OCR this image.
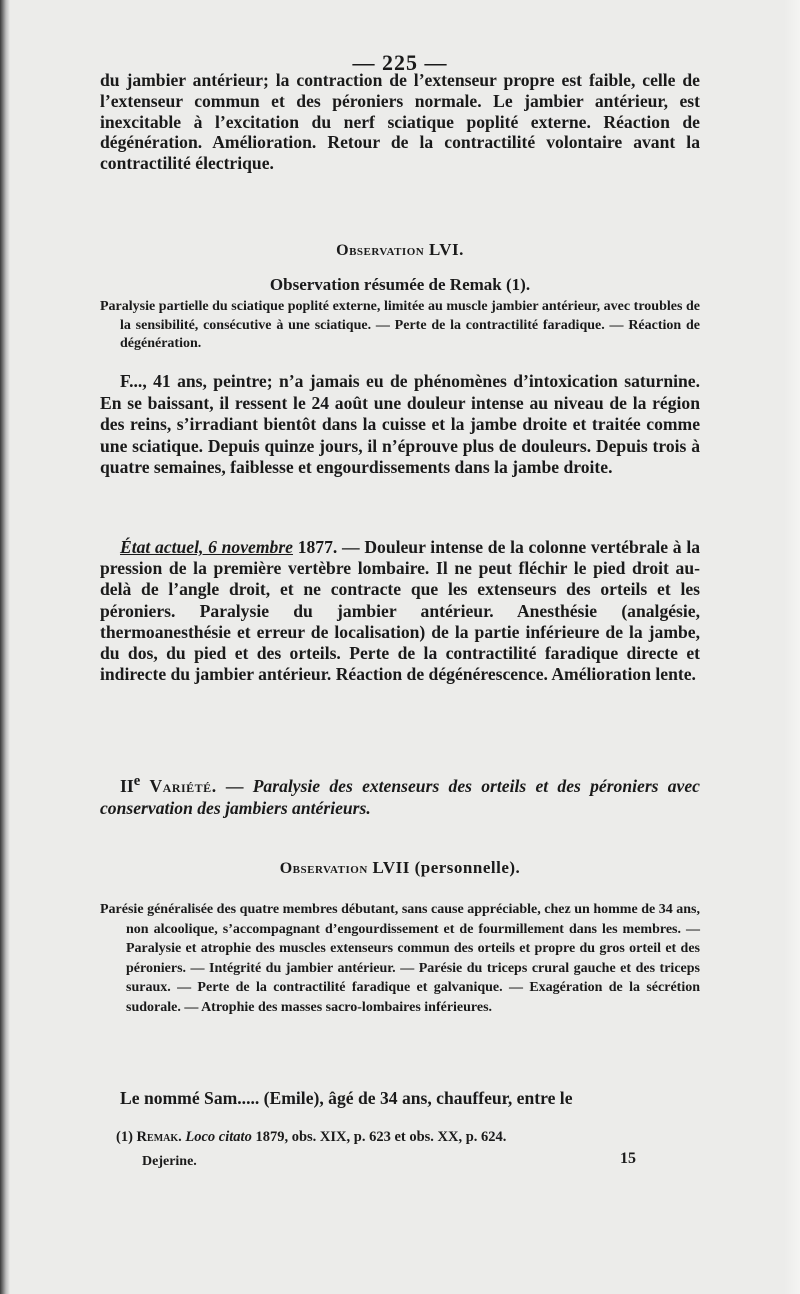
— 225 —

du jambier antérieur; la contraction de l’extenseur propre est faible, celle de l’extenseur commun et des péroniers normale. Le jambier antérieur, est inexcitable à l’excitation du nerf sciatique poplité externe. Réaction de dégénération. Amélioration. Retour de la contractilité volontaire avant la contractilité électrique.

Observation LVI.
Observation résumée de Remak (1).

Paralysie partielle du sciatique poplité externe, limitée au muscle jambier antérieur, avec troubles de la sensibilité, consécutive à une sciatique. — Perte de la contractilité faradique. — Réaction de dégénération.

F..., 41 ans, peintre; n’a jamais eu de phénomènes d’intoxication saturnine. En se baissant, il ressent le 24 août une douleur intense au niveau de la région des reins, s’irradiant bientôt dans la cuisse et la jambe droite et traitée comme une sciatique. Depuis quinze jours, il n’éprouve plus de douleurs. Depuis trois à quatre semaines, faiblesse et engourdissements dans la jambe droite.

État actuel, 6 novembre 1877. — Douleur intense de la colonne vertébrale à la pression de la première vertèbre lombaire. Il ne peut fléchir le pied droit au-delà de l’angle droit, et ne contracte que les extenseurs des orteils et les péroniers. Paralysie du jambier antérieur. Anesthésie (analgésie, thermoanesthésie et erreur de localisation) de la partie inférieure de la jambe, du dos, du pied et des orteils. Perte de la contractilité faradique directe et indirecte du jambier antérieur. Réaction de dégénérescence. Amélioration lente.

IIe Variété. — Paralysie des extenseurs des orteils et des péroniers avec conservation des jambiers antérieurs.

Observation LVII (personnelle).

Parésie généralisée des quatre membres débutant, sans cause appréciable, chez un homme de 34 ans, non alcoolique, s’accompagnant d’engourdissement et de fourmillement dans les membres. — Paralysie et atrophie des muscles extenseurs commun des orteils et propre du gros orteil et des péroniers. — Intégrité du jambier antérieur. — Parésie du triceps crural gauche et des triceps suraux. — Perte de la contractilité faradique et galvanique. — Exagération de la sécrétion sudorale. — Atrophie des masses sacro-lombaires inférieures.

Le nommé Sam..... (Emile), âgé de 34 ans, chauffeur, entre le

(1) Remak. Loco citato 1879, obs. XIX, p. 623 et obs. XX, p. 624.
Dejerine.	15
